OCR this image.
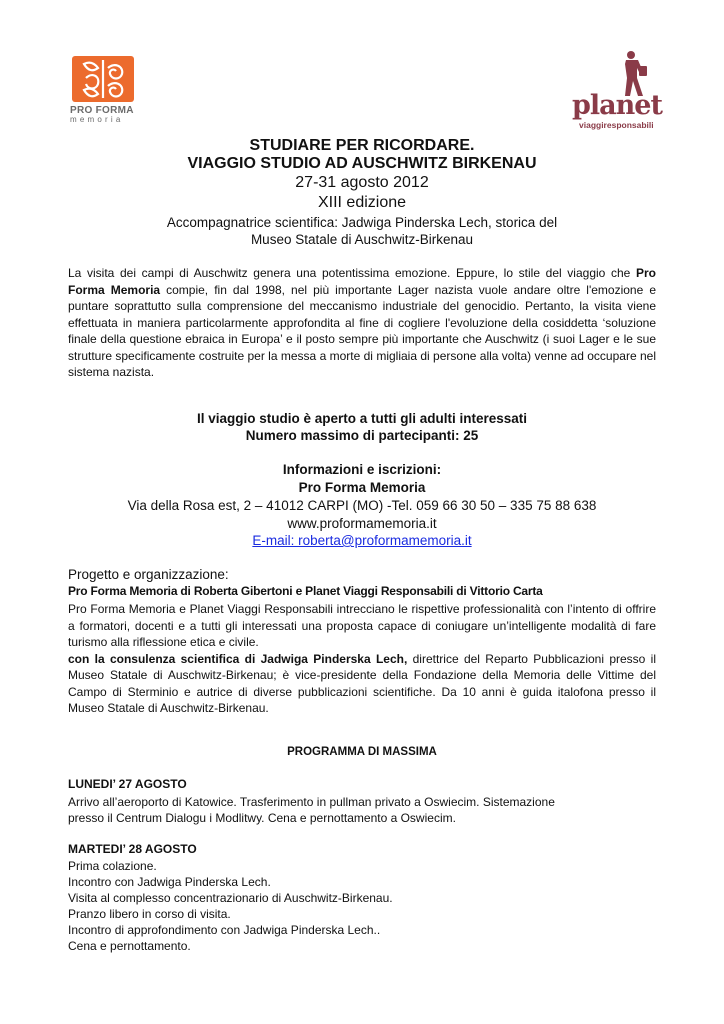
PRO FORMA
memoria	planet
viaggiresponsabili
STUDIARE PER RICORDARE.
VIAGGIO STUDIO AD AUSCHWITZ BIRKENAU
27-31 agosto 2012
XIII edizione
Accompagnatrice scientifica: Jadwiga Pinderska Lech, storica del
Museo Statale di Auschwitz-Birkenau
La visita dei campi di Auschwitz genera una potentissima emozione. Eppure, lo stile del viaggio che Pro Forma Memoria compie, fin dal 1998, nel più importante Lager nazista vuole andare oltre l'emozione e puntare soprattutto sulla comprensione del meccanismo industriale del genocidio. Pertanto, la visita viene effettuata in maniera particolarmente approfondita al fine di cogliere l'evoluzione della cosiddetta ‘soluzione finale della questione ebraica in Europa’ e il posto sempre più importante che Auschwitz (i suoi Lager e le sue strutture specificamente costruite per la messa a morte di migliaia di persone alla volta) venne ad occupare nel sistema nazista.
Il viaggio studio è aperto a tutti gli adulti interessati
Numero massimo di partecipanti: 25
Informazioni e iscrizioni:
Pro Forma Memoria
Via della Rosa est, 2 – 41012 CARPI (MO) -Tel. 059 66 30 50 – 335 75 88 638
www.proformamemoria.it
E-mail: roberta@proformamemoria.it
Progetto e organizzazione:
Pro Forma Memoria di Roberta Gibertoni e Planet Viaggi Responsabili di Vittorio Carta
Pro Forma Memoria e Planet Viaggi Responsabili intrecciano le rispettive professionalità con l’intento di offrire a formatori, docenti e a tutti gli interessati una proposta capace di coniugare un’intelligente modalità di fare turismo alla riflessione etica e civile.
con la consulenza scientifica di Jadwiga Pinderska Lech, direttrice del Reparto Pubblicazioni presso il Museo Statale di Auschwitz-Birkenau; è vice-presidente della Fondazione della Memoria delle Vittime del Campo di Sterminio e autrice di diverse pubblicazioni scientifiche. Da 10 anni è guida italofona presso il Museo Statale di Auschwitz-Birkenau.
PROGRAMMA DI MASSIMA
LUNEDI’ 27 AGOSTO
Arrivo all’aeroporto di Katowice. Trasferimento in pullman privato a Oswiecim. Sistemazione
presso il Centrum Dialogu i Modlitwy. Cena e pernottamento a Oswiecim.
MARTEDI’ 28 AGOSTO
Prima colazione.
Incontro con Jadwiga Pinderska Lech.
Visita al complesso concentrazionario di Auschwitz-Birkenau.
Pranzo libero in corso di visita.
Incontro di approfondimento con Jadwiga Pinderska Lech..
Cena e pernottamento.
